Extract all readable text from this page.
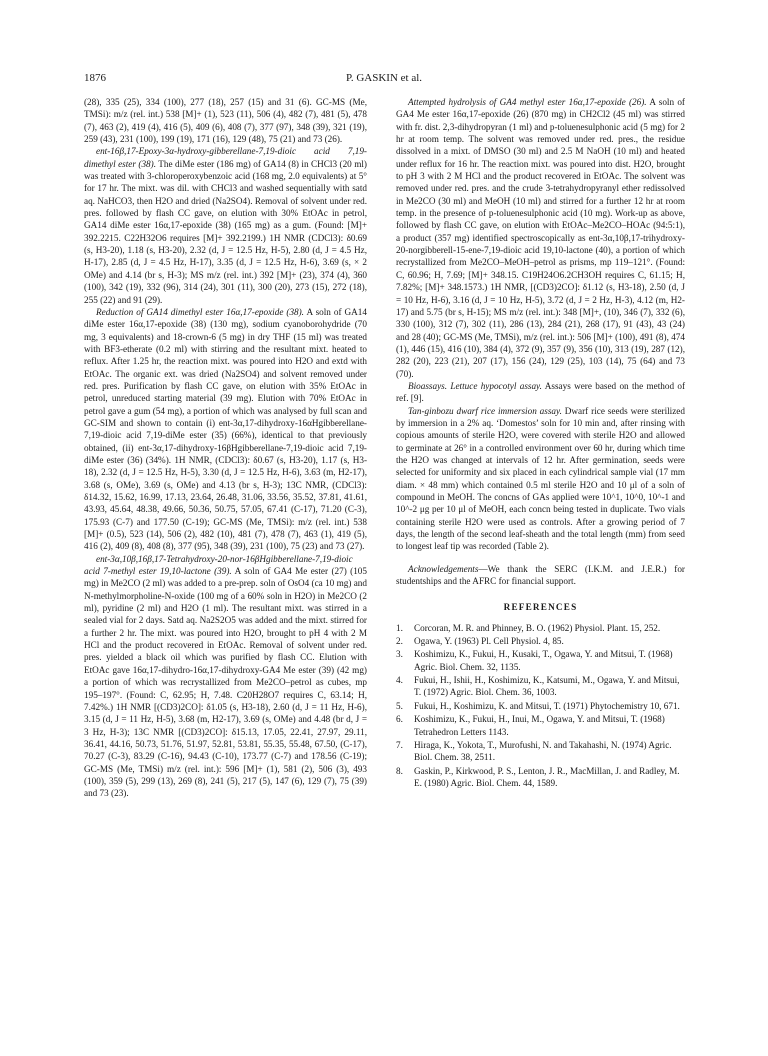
1876	P. GASKIN et al.

(28), 335 (25), 334 (100), 277 (18), 257 (15) and 31 (6). GC-MS (Me, TMSi): m/z (rel. int.) 538 [M]+ (1), 523 (11), 506 (4), 482 (7), 481 (5), 478 (7), 463 (2), 419 (4), 416 (5), 409 (6), 408 (7), 377 (97), 348 (39), 321 (19), 259 (43), 231 (100), 199 (19), 171 (16), 129 (48), 75 (21) and 73 (26).

ent-16β,17-Epoxy-3α-hydroxy-gibberellane-7,19-dioic acid 7,19-dimethyl ester (38). The diMe ester (186 mg) of GA14 (8) in CHCl3 (20 ml) was treated with 3-chloroperoxybenzoic acid (168 mg, 2.0 equivalents) at 5° for 17 hr. The mixt. was dil. with CHCl3 and washed sequentially with satd aq. NaHCO3, then H2O and dried (Na2SO4). Removal of solvent under red. pres. followed by flash CC gave, on elution with 30% EtOAc in petrol, GA14 diMe ester 16α,17-epoxide (38) (165 mg) as a gum. (Found: [M]+ 392.2215. C22H32O6 requires [M]+ 392.2199.) 1H NMR (CDCl3): δ0.69 (s, H3-20), 1.18 (s, H3-20), 2.32 (d, J = 12.5 Hz, H-5), 2.80 (d, J = 4.5 Hz, H-17), 2.85 (d, J = 4.5 Hz, H-17), 3.35 (d, J = 12.5 Hz, H-6), 3.69 (s, × 2 OMe) and 4.14 (br s, H-3); MS m/z (rel. int.) 392 [M]+ (23), 374 (4), 360 (100), 342 (19), 332 (96), 314 (24), 301 (11), 300 (20), 273 (15), 272 (18), 255 (22) and 91 (29).

Reduction of GA14 dimethyl ester 16α,17-epoxide (38). A soln of GA14 diMe ester 16α,17-epoxide (38) (130 mg), sodium cyanoborohydride (70 mg, 3 equivalents) and 18-crown-6 (5 mg) in dry THF (15 ml) was treated with BF3-etherate (0.2 ml) with stirring and the resultant mixt. heated to reflux. After 1.25 hr, the reaction mixt. was poured into H2O and extd with EtOAc. The organic ext. was dried (Na2SO4) and solvent removed under red. pres. Purification by flash CC gave, on elution with 35% EtOAc in petrol, unreduced starting material (39 mg). Elution with 70% EtOAc in petrol gave a gum (54 mg), a portion of which was analysed by full scan and GC-SIM and shown to contain (i) ent-3α,17-dihydroxy-16αHgibberellane-7,19-dioic acid 7,19-diMe ester (35) (66%), identical to that previously obtained, (ii) ent-3α,17-dihydroxy-16βHgibberellane-7,19-dioic acid 7,19-diMe ester (36) (34%). 1H NMR, (CDCl3): δ0.67 (s, H3-20), 1.17 (s, H3-18), 2.32 (d, J = 12.5 Hz, H-5), 3.30 (d, J = 12.5 Hz, H-6), 3.63 (m, H2-17), 3.68 (s, OMe), 3.69 (s, OMe) and 4.13 (br s, H-3); 13C NMR, (CDCl3): δ14.32, 15.62, 16.99, 17.13, 23.64, 26.48, 31.06, 33.56, 35.52, 37.81, 41.61, 43.93, 45.64, 48.38, 49.66, 50.36, 50.75, 57.05, 67.41 (C-17), 71.20 (C-3), 175.93 (C-7) and 177.50 (C-19); GC-MS (Me, TMSi): m/z (rel. int.) 538 [M]+ (0.5), 523 (14), 506 (2), 482 (10), 481 (7), 478 (7), 463 (1), 419 (5), 416 (2), 409 (8), 408 (8), 377 (95), 348 (39), 231 (100), 75 (23) and 73 (27).

ent-3α,10β,16β,17-Tetrahydroxy-20-nor-16βHgibberellane-7,19-dioic acid 7-methyl ester 19,10-lactone (39). A soln of GA4 Me ester (27) (105 mg) in Me2CO (2 ml) was added to a pre-prep. soln of OsO4 (ca 10 mg) and N-methylmorpholine-N-oxide (100 mg of a 60% soln in H2O) in Me2CO (2 ml), pyridine (2 ml) and H2O (1 ml). The resultant mixt. was stirred in a sealed vial for 2 days. Satd aq. Na2S2O5 was added and the mixt. stirred for a further 2 hr. The mixt. was poured into H2O, brought to pH 4 with 2 M HCl and the product recovered in EtOAc. Removal of solvent under red. pres. yielded a black oil which was purified by flash CC. Elution with EtOAc gave 16α,17-dihydro-16α,17-dihydroxy-GA4 Me ester (39) (42 mg) a portion of which was recrystallized from Me2CO–petrol as cubes, mp 195–197°. (Found: C, 62.95; H, 7.48. C20H28O7 requires C, 63.14; H, 7.42%.) 1H NMR [(CD3)2CO]: δ1.05 (s, H3-18), 2.60 (d, J = 11 Hz, H-6), 3.15 (d, J = 11 Hz, H-5), 3.68 (m, H2-17), 3.69 (s, OMe) and 4.48 (br d, J = 3 Hz, H-3); 13C NMR [(CD3)2CO]: δ15.13, 17.05, 22.41, 27.97, 29.11, 36.41, 44.16, 50.73, 51.76, 51.97, 52.81, 53.81, 55.35, 55.48, 67.50, (C-17), 70.27 (C-3), 83.29 (C-16), 94.43 (C-10), 173.77 (C-7) and 178.56 (C-19); GC-MS (Me, TMSi) m/z (rel. int.): 596 [M]+ (1), 581 (2), 506 (3), 493 (100), 359 (5), 299 (13), 269 (8), 241 (5), 217 (5), 147 (6), 129 (7), 75 (39) and 73 (23).

Attempted hydrolysis of GA4 methyl ester 16α,17-epoxide (26). A soln of GA4 Me ester 16α,17-epoxide (26) (870 mg) in CH2Cl2 (45 ml) was stirred with fr. dist. 2,3-dihydropyran (1 ml) and p-toluenesulphonic acid (5 mg) for 2 hr at room temp. The solvent was removed under red. pres., the residue dissolved in a mixt. of DMSO (30 ml) and 2.5 M NaOH (10 ml) and heated under reflux for 16 hr. The reaction mixt. was poured into dist. H2O, brought to pH 3 with 2 M HCl and the product recovered in EtOAc. The solvent was removed under red. pres. and the crude 3-tetrahydropyranyl ether redissolved in Me2CO (30 ml) and MeOH (10 ml) and stirred for a further 12 hr at room temp. in the presence of p-toluenesulphonic acid (10 mg). Work-up as above, followed by flash CC gave, on elution with EtOAc–Me2CO–HOAc (94:5:1), a product (357 mg) identified spectroscopically as ent-3α,10β,17-trihydroxy-20-norgibberell-15-ene-7,19-dioic acid 19,10-lactone (40), a portion of which recrystallized from Me2CO–MeOH–petrol as prisms, mp 119–121°. (Found: C, 60.96; H, 7.69; [M]+ 348.15. C19H24O6.2CH3OH requires C, 61.15; H, 7.82%; [M]+ 348.1573.) 1H NMR, [(CD3)2CO]: δ1.12 (s, H3-18), 2.50 (d, J = 10 Hz, H-6), 3.16 (d, J = 10 Hz, H-5), 3.72 (d, J = 2 Hz, H-3), 4.12 (m, H2-17) and 5.75 (br s, H-15); MS m/z (rel. int.): 348 [M]+, (10), 346 (7), 332 (6), 330 (100), 312 (7), 302 (11), 286 (13), 284 (21), 268 (17), 91 (43), 43 (24) and 28 (40); GC-MS (Me, TMSi), m/z (rel. int.): 506 [M]+ (100), 491 (8), 474 (1), 446 (15), 416 (10), 384 (4), 372 (9), 357 (9), 356 (10), 313 (19), 287 (12), 282 (20), 223 (21), 207 (17), 156 (24), 129 (25), 103 (14), 75 (64) and 73 (70).

Bioassays. Lettuce hypocotyl assay. Assays were based on the method of ref. [9].

Tan-ginbozu dwarf rice immersion assay. Dwarf rice seeds were sterilized by immersion in a 2% aq. ‘Domestos’ soln for 10 min and, after rinsing with copious amounts of sterile H2O, were covered with sterile H2O and allowed to germinate at 26° in a controlled environment over 60 hr, during which time the H2O was changed at intervals of 12 hr. After germination, seeds were selected for uniformity and six placed in each cylindrical sample vial (17 mm diam. × 48 mm) which contained 0.5 ml sterile H2O and 10 μl of a soln of compound in MeOH. The concns of GAs applied were 10^1, 10^0, 10^-1 and 10^-2 μg per 10 μl of MeOH, each concn being tested in duplicate. Two vials containing sterile H2O were used as controls. After a growing period of 7 days, the length of the second leaf-sheath and the total length (mm) from seed to longest leaf tip was recorded (Table 2).

Acknowledgements—We thank the SERC (I.K.M. and J.E.R.) for studentships and the AFRC for financial support.

REFERENCES
1. Corcoran, M. R. and Phinney, B. O. (1962) Physiol. Plant. 15, 252.
2. Ogawa, Y. (1963) Pl. Cell Physiol. 4, 85.
3. Koshimizu, K., Fukui, H., Kusaki, T., Ogawa, Y. and Mitsui, T. (1968) Agric. Biol. Chem. 32, 1135.
4. Fukui, H., Ishii, H., Koshimizu, K., Katsumi, M., Ogawa, Y. and Mitsui, T. (1972) Agric. Biol. Chem. 36, 1003.
5. Fukui, H., Koshimizu, K. and Mitsui, T. (1971) Phytochemistry 10, 671.
6. Koshimizu, K., Fukui, H., Inui, M., Ogawa, Y. and Mitsui, T. (1968) Tetrahedron Letters 1143.
7. Hiraga, K., Yokota, T., Murofushi, N. and Takahashi, N. (1974) Agric. Biol. Chem. 38, 2511.
8. Gaskin, P., Kirkwood, P. S., Lenton, J. R., MacMillan, J. and Radley, M. E. (1980) Agric. Biol. Chem. 44, 1589.
